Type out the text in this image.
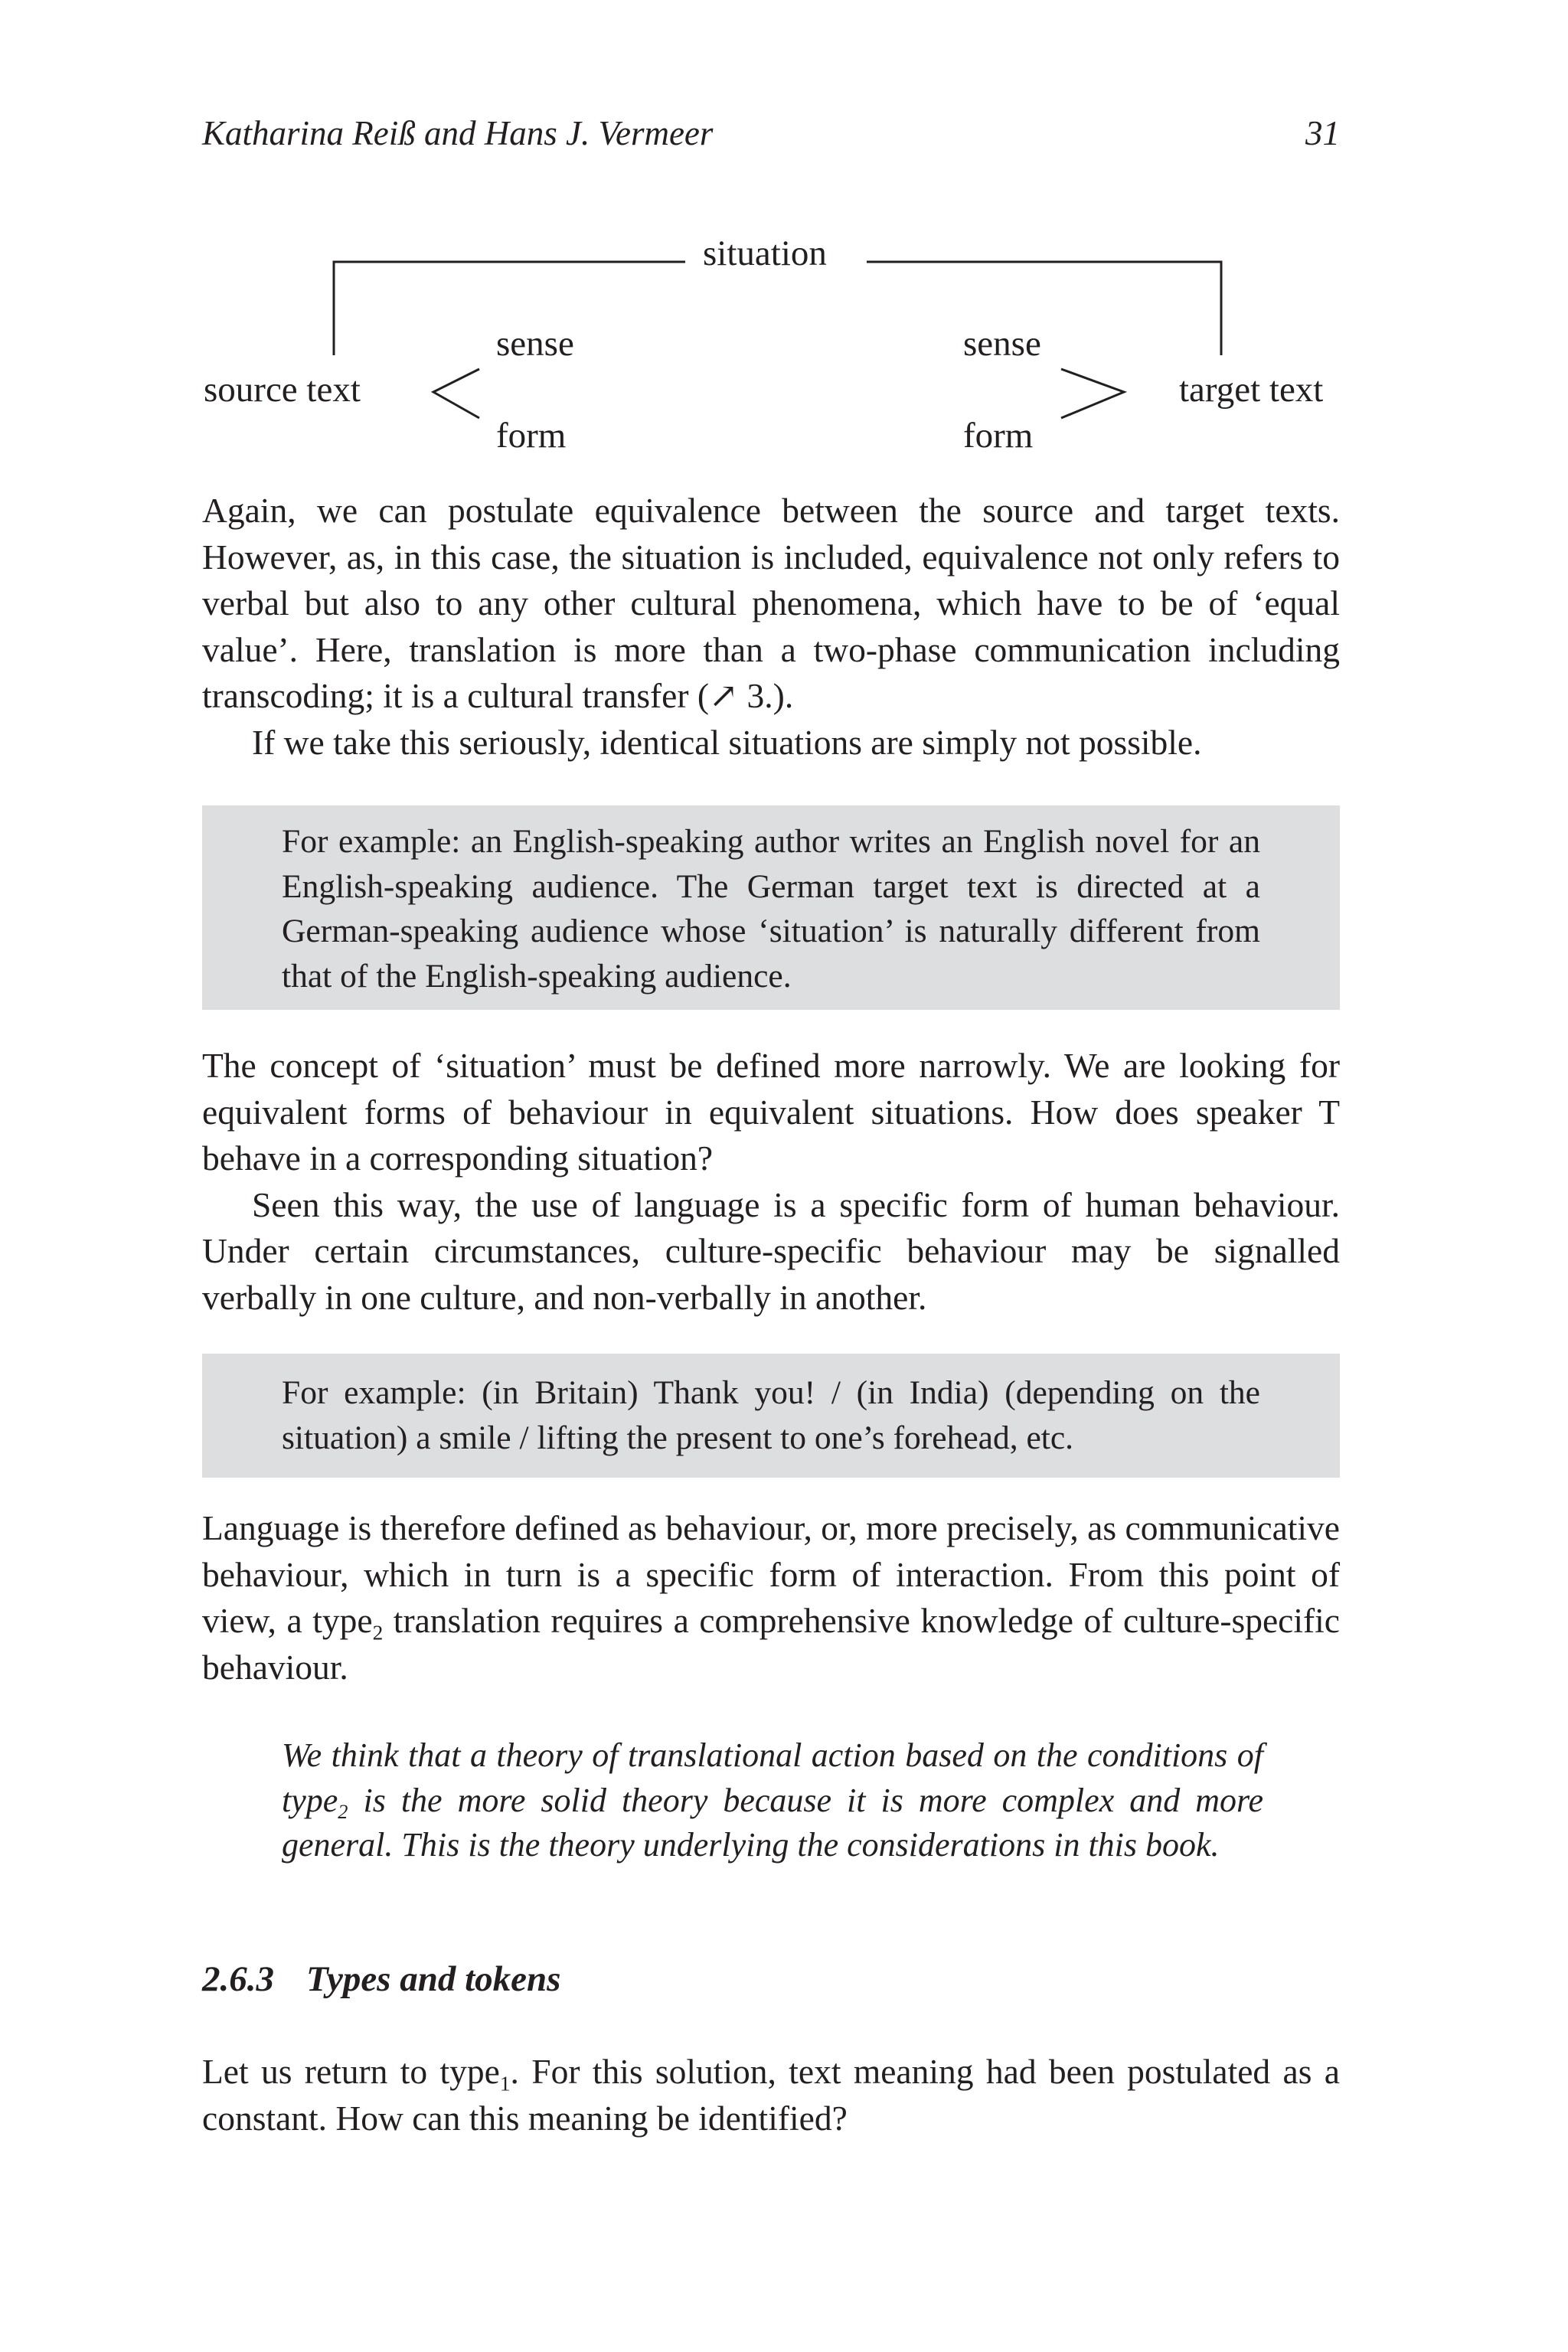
Katharina Reiß and Hans J. Vermeer	31
situation
sense
source text
form
sense
target text
form

Again, we can postulate equivalence between the source and target texts. However, as, in this case, the situation is included, equivalence not only refers to verbal but also to any other cultural phenomena, which have to be of ‘equal value’. Here, translation is more than a two-phase communication including transcoding; it is a cultural transfer (↗ 3.).

If we take this seriously, identical situations are simply not possible.

For example: an English-speaking author writes an English novel for an English-speaking audience. The German target text is directed at a German-speaking audience whose ‘situation’ is naturally different from that of the English-speaking audience.

The concept of ‘situation’ must be defined more narrowly. We are looking for equivalent forms of behaviour in equivalent situations. How does speaker T behave in a corresponding situation?

Seen this way, the use of language is a specific form of human behaviour. Under certain circumstances, culture-specific behaviour may be signalled verbally in one culture, and non-verbally in another.

For example: (in Britain) Thank you! / (in India) (depending on the situation) a smile / lifting the present to one’s forehead, etc.

Language is therefore defined as behaviour, or, more precisely, as communicative behaviour, which in turn is a specific form of interaction. From this point of view, a type$_2$ translation requires a comprehensive knowledge of culture-specific behaviour.

We think that a theory of translational action based on the conditions of type$_2$ is the more solid theory because it is more complex and more general. This is the theory underlying the considerations in this book.

2.6.3 Types and tokens

Let us return to type$_1$. For this solution, text meaning had been postulated as a constant. How can this meaning be identified?
